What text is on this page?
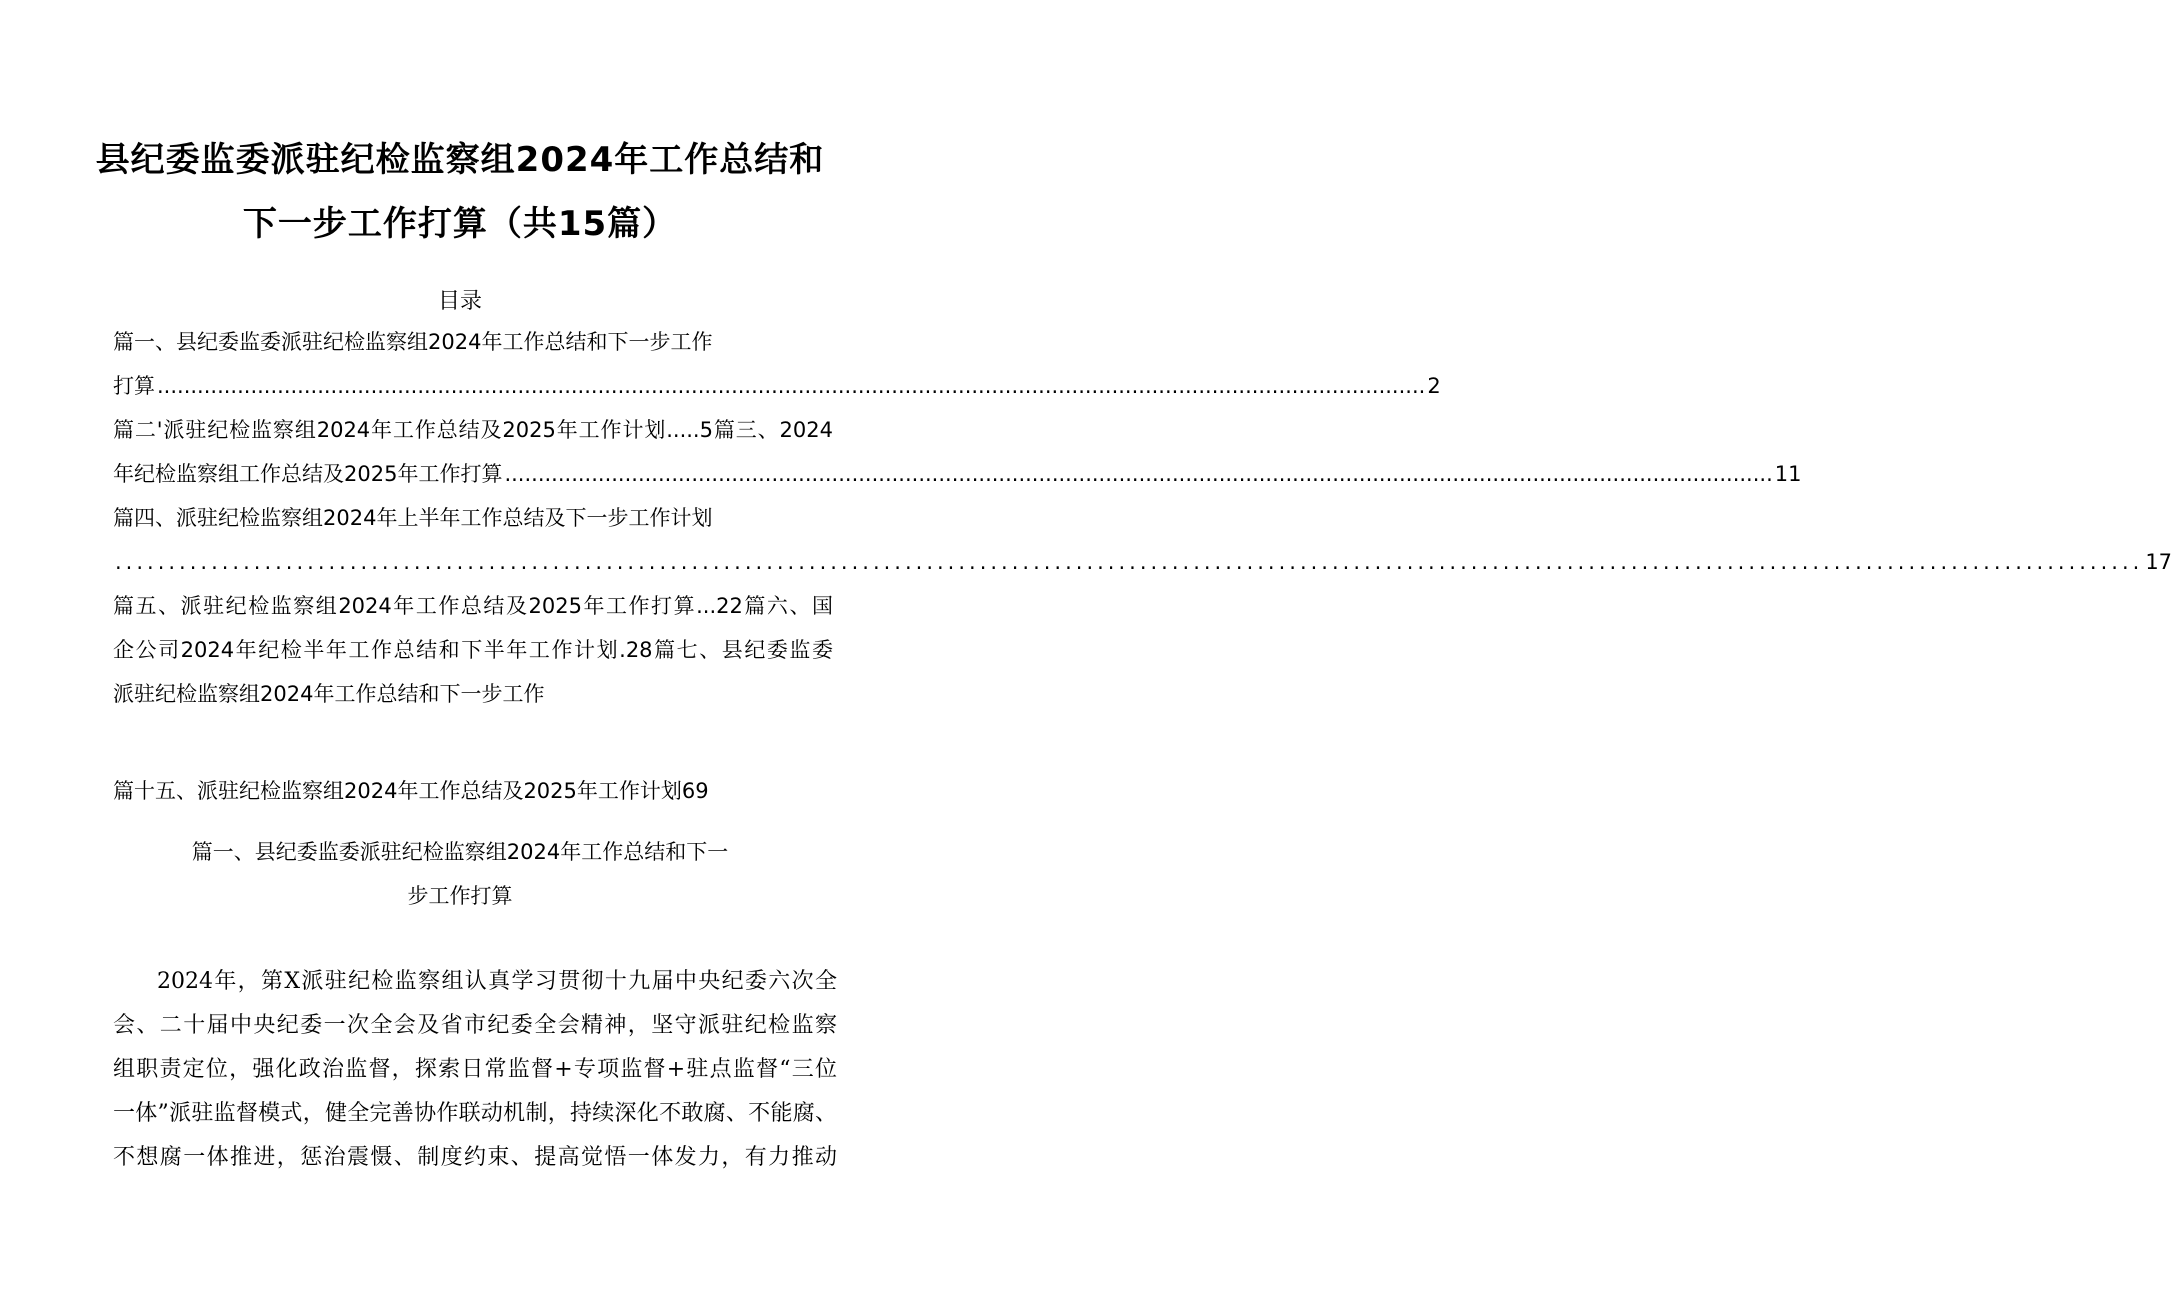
县纪委监委派驻纪检监察组2024年工作总结和
下一步工作打算（共15篇）
目录
篇一、县纪委监委派驻纪检监察组2024年工作总结和下一步工作
打算 .............................................................................................................................................................................................. 2
篇二'派驻纪检监察组2024年工作总结及2025年工作计划.....5篇三、2024
年纪检监察组工作总结及2025年工作打算 .............................................................................................................................................................................................. 11
篇四、派驻纪检监察组2024年上半年工作总结及下一步工作计划
.............................................................................................................................................................................................. 17
篇五、派驻纪检监察组2024年工作总结及2025年工作打算...22篇六、国
企公司2024年纪检半年工作总结和下半年工作计划.28篇七、县纪委监委
派驻纪检监察组2024年工作总结和下一步工作
篇十五、派驻纪检监察组2024年工作总结及2025年工作计划69
篇一、县纪委监委派驻纪检监察组2024年工作总结和下一
步工作打算
2024年，第X派驻纪检监察组认真学习贯彻十九届中央纪委六次全
会、二十届中央纪委一次全会及省市纪委全会精神，坚守派驻纪检监察
组职责定位，强化政治监督，探索日常监督+专项监督+驻点监督“三位
一体”派驻监督模式，健全完善协作联动机制，持续深化不敢腐、不能腐、
不想腐一体推进，惩治震慑、制度约束、提高觉悟一体发力，有力推动
